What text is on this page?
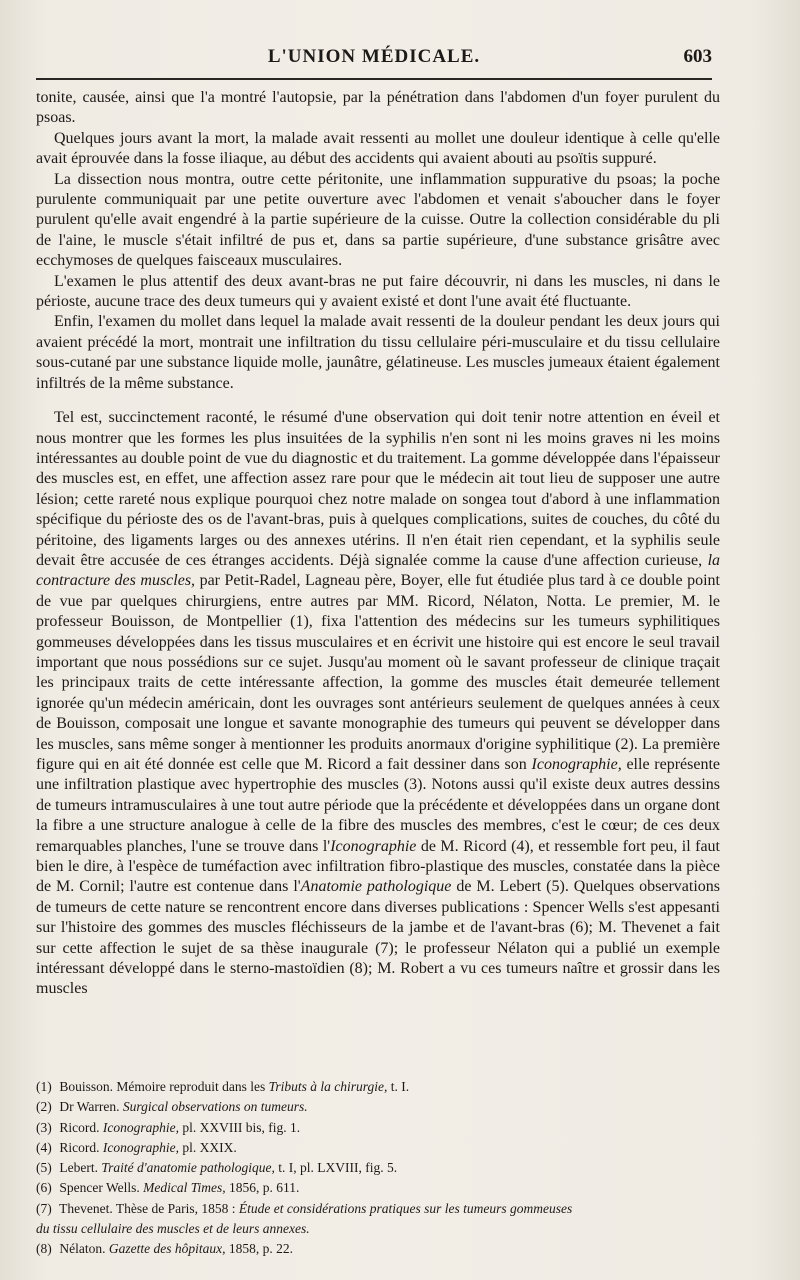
L'UNION MÉDICALE.	603

tonite, causée, ainsi que l'a montré l'autopsie, par la pénétration dans l'abdomen d'un foyer purulent du psoas.

Quelques jours avant la mort, la malade avait ressenti au mollet une douleur identique à celle qu'elle avait éprouvée dans la fosse iliaque, au début des accidents qui avaient abouti au psoïtis suppuré.

La dissection nous montra, outre cette péritonite, une inflammation suppurative du psoas; la poche purulente communiquait par une petite ouverture avec l'abdomen et venait s'aboucher dans le foyer purulent qu'elle avait engendré à la partie supérieure de la cuisse. Outre la collection considérable du pli de l'aine, le muscle s'était infiltré de pus et, dans sa partie supérieure, d'une substance grisâtre avec ecchymoses de quelques faisceaux musculaires.

L'examen le plus attentif des deux avant-bras ne put faire découvrir, ni dans les muscles, ni dans le périoste, aucune trace des deux tumeurs qui y avaient existé et dont l'une avait été fluctuante.

Enfin, l'examen du mollet dans lequel la malade avait ressenti de la douleur pendant les deux jours qui avaient précédé la mort, montrait une infiltration du tissu cellulaire péri-musculaire et du tissu cellulaire sous-cutané par une substance liquide molle, jaunâtre, gélatineuse. Les muscles jumeaux étaient également infiltrés de la même substance.

Tel est, succinctement raconté, le résumé d'une observation qui doit tenir notre attention en éveil et nous montrer que les formes les plus insuitées de la syphilis n'en sont ni les moins graves ni les moins intéressantes au double point de vue du diagnostic et du traitement. La gomme développée dans l'épaisseur des muscles est, en effet, une affection assez rare pour que le médecin ait tout lieu de supposer une autre lésion; cette rareté nous explique pourquoi chez notre malade on songea tout d'abord à une inflammation spécifique du périoste des os de l'avant-bras, puis à quelques complications, suites de couches, du côté du péritoine, des ligaments larges ou des annexes utérins. Il n'en était rien cependant, et la syphilis seule devait être accusée de ces étranges accidents. Déjà signalée comme la cause d'une affection curieuse, la contracture des muscles, par Petit-Radel, Lagneau père, Boyer, elle fut étudiée plus tard à ce double point de vue par quelques chirurgiens, entre autres par MM. Ricord, Nélaton, Notta. Le premier, M. le professeur Bouisson, de Montpellier (1), fixa l'attention des médecins sur les tumeurs syphilitiques gommeuses développées dans les tissus musculaires et en écrivit une histoire qui est encore le seul travail important que nous possédions sur ce sujet. Jusqu'au moment où le savant professeur de clinique traçait les principaux traits de cette intéressante affection, la gomme des muscles était demeurée tellement ignorée qu'un médecin américain, dont les ouvrages sont antérieurs seulement de quelques années à ceux de Bouisson, composait une longue et savante monographie des tumeurs qui peuvent se développer dans les muscles, sans même songer à mentionner les produits anormaux d'origine syphilitique (2). La première figure qui en ait été donnée est celle que M. Ricord a fait dessiner dans son Iconographie, elle représente une infiltration plastique avec hypertrophie des muscles (3). Notons aussi qu'il existe deux autres dessins de tumeurs intramusculaires à une tout autre période que la précédente et développées dans un organe dont la fibre a une structure analogue à celle de la fibre des muscles des membres, c'est le cœur; de ces deux remarquables planches, l'une se trouve dans l'Iconographie de M. Ricord (4), et ressemble fort peu, il faut bien le dire, à l'espèce de tuméfaction avec infiltration fibro-plastique des muscles, constatée dans la pièce de M. Cornil; l'autre est contenue dans l'Anatomie pathologique de M. Lebert (5). Quelques observations de tumeurs de cette nature se rencontrent encore dans diverses publications : Spencer Wells s'est appesanti sur l'histoire des gommes des muscles fléchisseurs de la jambe et de l'avant-bras (6); M. Thevenet a fait sur cette affection le sujet de sa thèse inaugurale (7); le professeur Nélaton qui a publié un exemple intéressant développé dans le sterno-mastoïdien (8); M. Robert a vu ces tumeurs naître et grossir dans les muscles

(1) Bouisson. Mémoire reproduit dans les Tributs à la chirurgie, t. I.

(2) Dr Warren. Surgical observations on tumeurs.

(3) Ricord. Iconographie, pl. XXVIII bis, fig. 1.

(4) Ricord. Iconographie, pl. XXIX.

(5) Lebert. Traité d'anatomie pathologique, t. I, pl. LXVIII, fig. 5.

(6) Spencer Wells. Medical Times, 1856, p. 611.

(7) Thevenet. Thèse de Paris, 1858 : Étude et considérations pratiques sur les tumeurs gommeuses

du tissu cellulaire des muscles et de leurs annexes.

(8) Nélaton. Gazette des hôpitaux, 1858, p. 22.
